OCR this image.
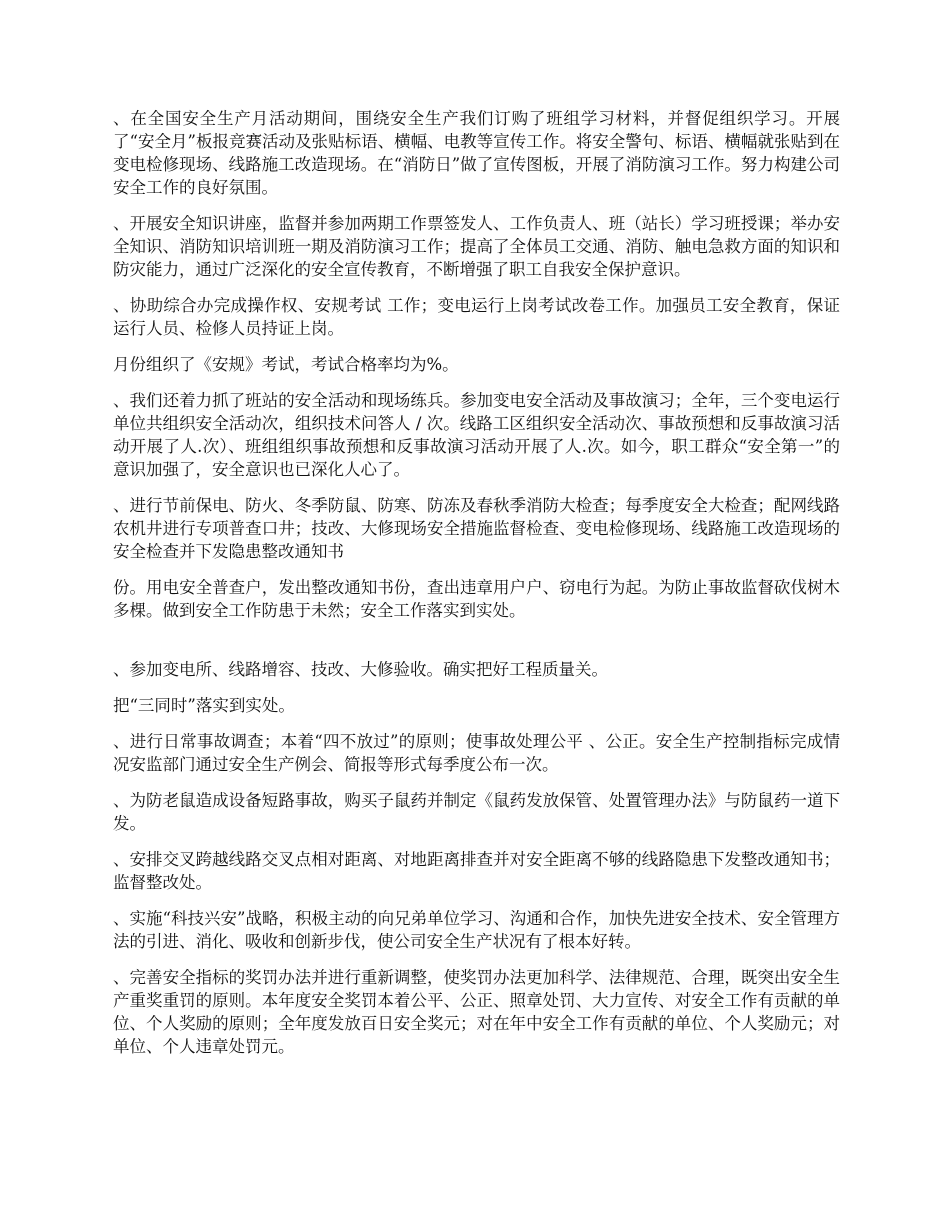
、在全国安全生产月活动期间，围绕安全生产我们订购了班组学习材料，并督促组织学习。开展了“安全月”板报竞赛活动及张贴标语、横幅、电教等宣传工作。将安全警句、标语、横幅就张贴到在变电检修现场、线路施工改造现场。在“消防日”做了宣传图板，开展了消防演习工作。努力构建公司安全工作的良好氛围。

、开展安全知识讲座，监督并参加两期工作票签发人、工作负责人、班（站长）学习班授课；举办安全知识、消防知识培训班一期及消防演习工作；提高了全体员工交通、消防、触电急救方面的知识和防灾能力，通过广泛深化的安全宣传教育，不断增强了职工自我安全保护意识。

、协助综合办完成操作权、安规考试 工作；变电运行上岗考试改卷工作。加强员工安全教育，保证运行人员、检修人员持证上岗。

月份组织了《安规》考试，考试合格率均为%。

、我们还着力抓了班站的安全活动和现场练兵。参加变电安全活动及事故演习；全年，三个变电运行单位共组织安全活动次，组织技术问答人 / 次。线路工区组织安全活动次、事故预想和反事故演习活动开展了人.次）、班组组织事故预想和反事故演习活动开展了人.次。如今，职工群众“安全第一”的意识加强了，安全意识也已深化人心了。

、进行节前保电、防火、冬季防鼠、防寒、防冻及春秋季消防大检查；每季度安全大检查；配网线路农机井进行专项普查口井；技改、大修现场安全措施监督检查、变电检修现场、线路施工改造现场的安全检查并下发隐患整改通知书

份。用电安全普查户，发出整改通知书份，查出违章用户户、窃电行为起。为防止事故监督砍伐树木多棵。做到安全工作防患于未然；安全工作落实到实处。

、参加变电所、线路增容、技改、大修验收。确实把好工程质量关。

把“三同时”落实到实处。

、进行日常事故调查；本着“四不放过”的原则；使事故处理公平 、公正。安全生产控制指标完成情况安监部门通过安全生产例会、简报等形式每季度公布一次。

、为防老鼠造成设备短路事故，购买子鼠药并制定《鼠药发放保管、处置管理办法》与防鼠药一道下发。

、安排交叉跨越线路交叉点相对距离、对地距离排查并对安全距离不够的线路隐患下发整改通知书；监督整改处。

、实施“科技兴安”战略，积极主动的向兄弟单位学习、沟通和合作，加快先进安全技术、安全管理方法的引进、消化、吸收和创新步伐，使公司安全生产状况有了根本好转。

、完善安全指标的奖罚办法并进行重新调整，使奖罚办法更加科学、法律规范、合理，既突出安全生产重奖重罚的原则。本年度安全奖罚本着公平、公正、照章处罚、大力宣传、对安全工作有贡献的单位、个人奖励的原则；全年度发放百日安全奖元；对在年中安全工作有贡献的单位、个人奖励元；对单位、个人违章处罚元。
